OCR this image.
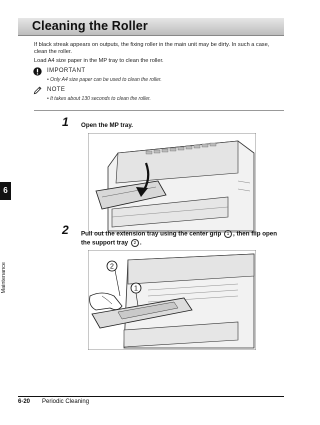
Cleaning the Roller
6
Maintenance
If black streak appears on outputs, the fixing roller in the main unit may be dirty. In such a case,
clean the roller.
Load A4 size paper in the MP tray to clean the roller.
IMPORTANT
• Only A4 size paper can be used to clean the roller.
NOTE
• It takes about 130 seconds to clean the roller.
1 Open the MP tray.
2 Pull out the extension tray using the center grip 1 , then flip open
the support tray 2 .
2
1
6-20 Periodic Cleaning
